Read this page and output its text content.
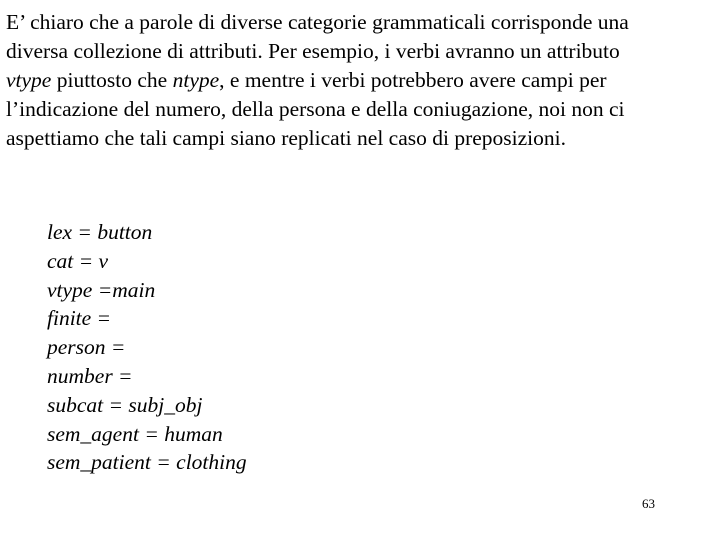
E’ chiaro che a parole di diverse categorie grammaticali corrisponde una

diversa collezione di attributi. Per esempio, i verbi avranno un attributo

vtype piuttosto che ntype, e mentre i verbi potrebbero avere campi per

l’indicazione del numero, della persona e della coniugazione, noi non ci

aspettiamo che tali campi siano replicati nel caso di preposizioni.

lex = button
cat = v
vtype =main
finite =
person =
number =
subcat = subj_obj
sem_agent = human
sem_patient = clothing
63
